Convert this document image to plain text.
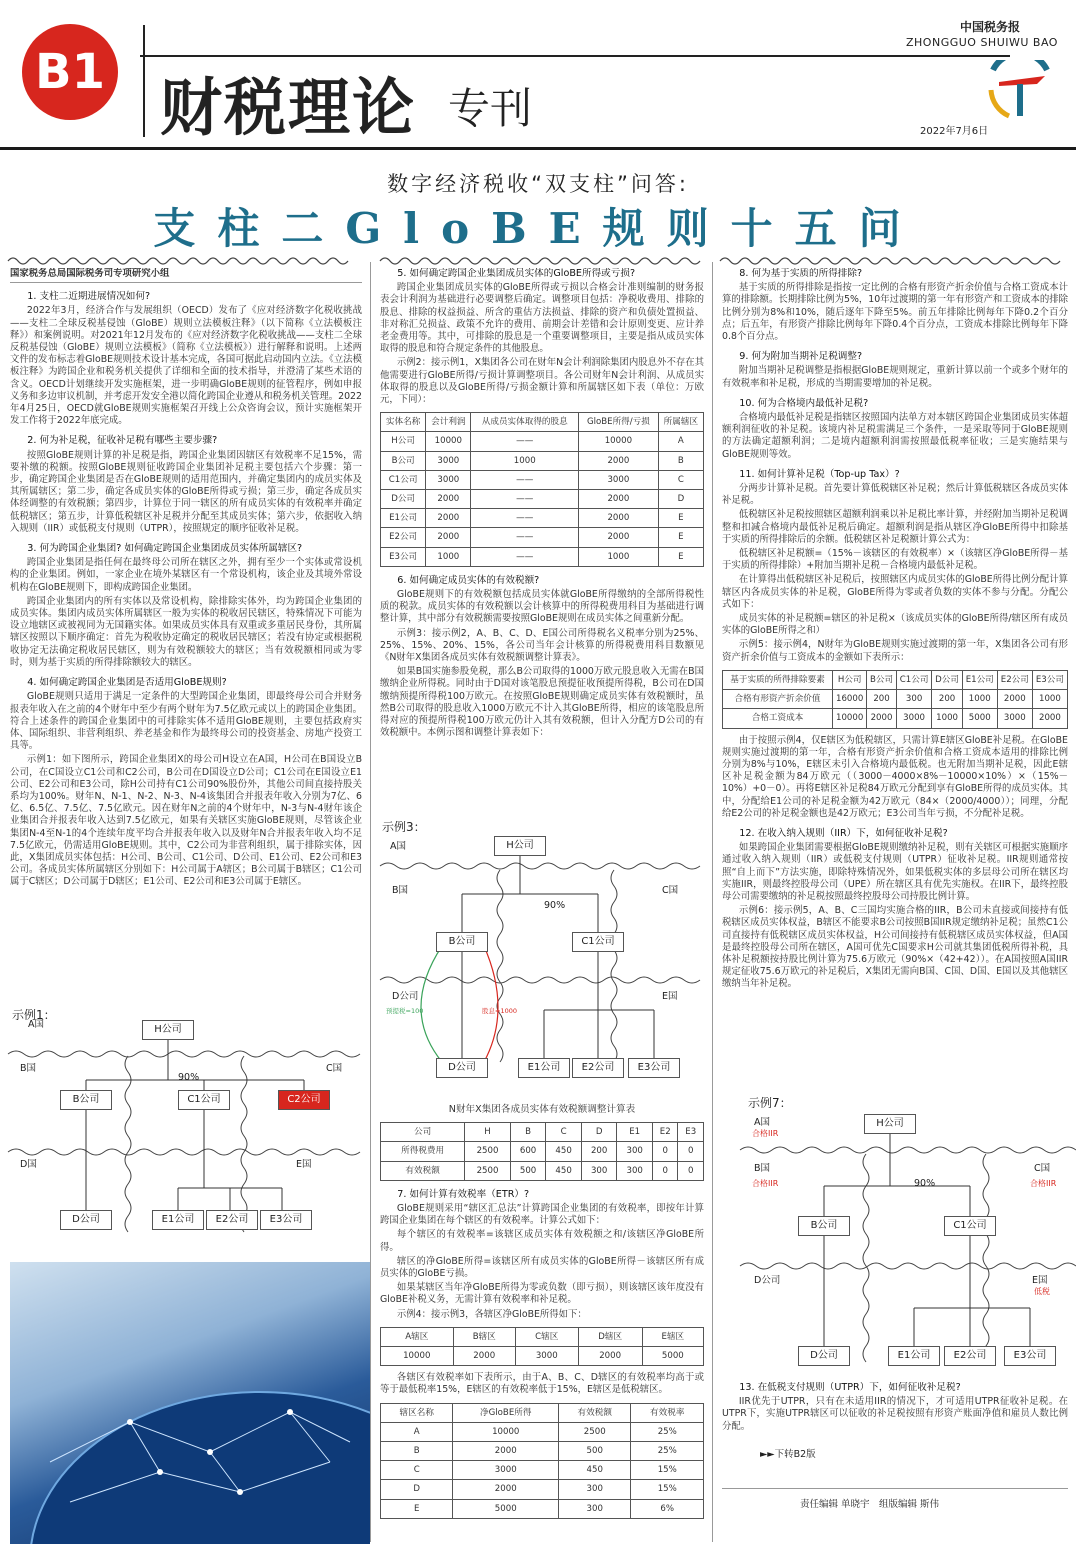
B1 财税理论 专刊
中国税务报
ZHONGGUO SHUIWU BAO
2022年7月6日
数字经济税收“双支柱”问答:
支柱二GloBE规则十五问
国家税务总局国际税务司专项研究小组
1. 支柱二近期进展情况如何?

2022年3月，经济合作与发展组织（OECD）发布了《应对经济数字化税收挑战——支柱二全球反税基侵蚀（GloBE）规则立法模板注释》（以下简称《立法模板注释》）和案例说明。对2021年12月发布的《应对经济数字化税收挑战——支柱二全球反税基侵蚀（GloBE）规则立法模板》（简称《立法模板》）进行解释和说明。上述两文件的发布标志着GloBE规则技术设计基本完成，各国可据此启动国内立法。《立法模板注释》为跨国企业和税务机关提供了详细和全面的技术指导，并澄清了某些术语的含义。OECD计划继续开发实施框架，进一步明确GloBE规则的征管程序，例如申报义务和多边审议机制，并考虑开发安全港以简化跨国企业遵从和税务机关管理。2022年4月25日，OECD就GloBE规则实施框架召开线上公众咨询会议，预计实施框架开发工作将于2022年底完成。

2. 何为补足税，征收补足税有哪些主要步骤?

按照GloBE规则计算的补足税是指，跨国企业集团因辖区有效税率不足15%，需要补缴的税额。按照GloBE规则征收跨国企业集团补足税主要包括六个步骤：第一步，确定跨国企业集团是否在GloBE规则的适用范围内，并确定集团内的成员实体及其所属辖区；第二步，确定各成员实体的GloBE所得或亏损；第三步，确定各成员实体经调整的有效税额；第四步，计算位于同一辖区的所有成员实体的有效税率并确定低税辖区；第五步，计算低税辖区补足税并分配至其成员实体；第六步，依据收入纳入规则（IIR）或低税支付规则（UTPR），按照规定的顺序征收补足税。

3. 何为跨国企业集团? 如何确定跨国企业集团成员实体所属辖区?

跨国企业集团是指任何在最终母公司所在辖区之外，拥有至少一个实体或常设机构的企业集团。例如，一家企业在境外某辖区有一个常设机构，该企业及其境外常设机构在GloBE规则下，即构成跨国企业集团。

跨国企业集团内的所有实体以及常设机构，除排除实体外，均为跨国企业集团的成员实体。集团内成员实体所属辖区一般为实体的税收居民辖区，特殊情况下可能为设立地辖区或被视同为无国籍实体。如果成员实体具有双重或多重居民身份，其所属辖区按照以下顺序确定：首先为税收协定确定的税收居民辖区；若没有协定或根据税收协定无法确定税收居民辖区，则为有效税额较大的辖区；当有效税额相同或为零时，则为基于实质的所得排除额较大的辖区。

4. 如何确定跨国企业集团是否适用GloBE规则?

GloBE规则只适用于满足一定条件的大型跨国企业集团，即最终母公司合并财务报表年收入在之前的4个财年中至少有两个财年为7.5亿欧元或以上的跨国企业集团。符合上述条件的跨国企业集团中的可排除实体不适用GloBE规则，主要包括政府实体、国际组织、非营利组织、养老基金和作为最终母公司的投资基金、房地产投资工具等。

示例1：如下图所示，跨国企业集团X的母公司H设立在A国，H公司在B国设立B公司，在C国设立C1公司和C2公司，B公司在D国设立D公司；C1公司在E国设立E1公司、E2公司和E3公司，除H公司持有C1公司90%股份外，其他公司间直接持股关系均为100%。财年N、N-1、N-2、N-3、N-4该集团合并报表年收入分别为7亿、6亿、6.5亿、7.5亿、7.5亿欧元。因在财年N之前的4个财年中，N-3与N-4财年该企业集团合并报表年收入达到7.5亿欧元，如果有关辖区实施GloBE规则，尽管该企业集团N-4至N-1的4个连续年度平均合并报表年收入以及财年N合并报表年收入均不足7.5亿欧元，仍需适用GloBE规则。其中，C2公司为非营利组织，属于排除实体，因此，X集团成员实体包括：H公司、B公司、C1公司、D公司、E1公司、E2公司和E3公司。各成员实体所属辖区分别如下：H公司属于A辖区；B公司属于B辖区；C1公司属于C辖区；D公司属于D辖区；E1公司、E2公司和E3公司属于E辖区。

示例1：
A国
B国	C国
D国	E国
90%
H公司
B公司	C1公司	C2公司
D公司	E1公司	E2公司	E3公司
5. 如何确定跨国企业集团成员实体的GloBE所得或亏损?

跨国企业集团成员实体的GloBE所得或亏损以合格会计准则编制的财务报表会计利润为基础进行必要调整后确定。调整项目包括：净税收费用、排除的股息、排除的权益损益、所含的重估方法损益、排除的资产和负债处置损益、非对称汇兑损益、政策不允许的费用、前期会计差错和会计原则变更、应计养老金费用等。其中，可排除的股息是一个重要调整项目，主要是指从成员实体取得的股息和符合规定条件的其他股息。

示例2：接示例1，X集团各公司在财年N会计利润除集团内股息外不存在其他需要进行GloBE所得/亏损计算调整项目。各公司财年N会计利润、从成员实体取得的股息以及GloBE所得/亏损金额计算和所属辖区如下表（单位：万欧元，下同）：

实体名称	会计利润	从成员实体取得的股息	GloBE所得/亏损	所属辖区
H公司	10000	——	10000	A
B公司	3000	1000	2000	B
C1公司	3000	——	3000	C
D公司	2000	——	2000	D
E1公司	2000	——	2000	E
E2公司	2000	——	2000	E
E3公司	1000	——	1000	E
6. 如何确定成员实体的有效税额?

GloBE规则下的有效税额包括成员实体就GloBE所得缴纳的全部所得税性质的税款。成员实体的有效税额以会计核算中的所得税费用科目为基础进行调整计算，其中部分有效税额需要按照GloBE规则在成员实体之间重新分配。

示例3：接示例2，A、B、C、D、E国公司所得税名义税率分别为25%、25%、15%、20%、15%，各公司当年会计核算的所得税费用科目数额见《N财年X集团各成员实体有效税额调整计算表》。

如果B国实施参股免税，那么B公司取得的1000万欧元股息收入无需在B国缴纳企业所得税。同时由于D国对该笔股息预提征收预提所得税，B公司在D国缴纳预提所得税100万欧元。在按照GloBE规则确定成员实体有效税额时，虽然B公司取得的股息收入1000万欧元不计入其GloBE所得，相应的该笔股息所得对应的预提所得税100万欧元仍计入其有效税额，但计入分配方D公司的有效税额中。本例示图和调整计算表如下：

示例3：
A国
B国	C国
D公司	E国
90%
预提税=100	股息=1000
H公司
B公司	C1公司
D公司	E1公司	E2公司	E3公司
N财年X集团各成员实体有效税额调整计算表
公司	H	B	C	D	E1	E2	E3
所得税费用	2500	600	450	200	300	0	0
有效税额	2500	500	450	300	300	0	0
7. 如何计算有效税率（ETR）?

GloBE规则采用“辖区汇总法”计算跨国企业集团的有效税率，即按年计算跨国企业集团在每个辖区的有效税率。计算公式如下：

每个辖区的有效税率=该辖区成员实体有效税额之和/该辖区净GloBE所得。

辖区的净GloBE所得=该辖区所有成员实体的GloBE所得－该辖区所有成员实体的GloBE亏损。

如果某辖区当年净GloBE所得为零或负数（即亏损），则该辖区该年度没有GloBE补税义务，无需计算有效税率和补足税。

示例4：接示例3，各辖区净GloBE所得如下：

A辖区	B辖区	C辖区	D辖区	E辖区
10000	2000	3000	2000	5000

各辖区有效税率如下表所示，由于A、B、C、D辖区的有效税率均高于或等于最低税率15%，E辖区的有效税率低于15%，E辖区是低税辖区。

辖区名称	净GloBE所得	有效税额	有效税率
A	10000	2500	25%
B	2000	500	25%
C	3000	450	15%
D	2000	300	15%
E	5000	300	6%
8. 何为基于实质的所得排除?

基于实质的所得排除是指按一定比例的合格有形资产折余价值与合格工资成本计算的排除额。长期排除比例为5%，10年过渡期的第一年有形资产和工资成本的排除比例分别为8%和10%，随后逐年下降至5%。前五年排除比例每年下降0.2个百分点；后五年，有形资产排除比例每年下降0.4个百分点，工资成本排除比例每年下降0.8个百分点。

9. 何为附加当期补足税调整?

附加当期补足税调整是指根据GloBE规则规定，重新计算以前一个或多个财年的有效税率和补足税，形成的当期需要增加的补足税。

10. 何为合格境内最低补足税?

合格境内最低补足税是指辖区按照国内法单方对本辖区跨国企业集团成员实体超额利润征收的补足税。该境内补足税需满足三个条件，一是采取等同于GloBE规则的方法确定超额利润；二是境内超额利润需按照最低税率征收；三是实施结果与GloBE规则等效。

11. 如何计算补足税（Top-up Tax）?

分两步计算补足税。首先要计算低税辖区补足税；然后计算低税辖区各成员实体补足税。

低税辖区补足税按照辖区超额利润乘以补足税比率计算，并经附加当期补足税调整和扣减合格境内最低补足税后确定。超额利润是指从辖区净GloBE所得中扣除基于实质的所得排除后的余额。低税辖区补足税额计算公式为：

低税辖区补足税额=（15%－该辖区的有效税率）×（该辖区净GloBE所得－基于实质的所得排除）+附加当期补足税－合格境内最低补足税。

在计算得出低税辖区补足税后，按照辖区内成员实体的GloBE所得比例分配计算辖区内各成员实体的补足税，GloBE所得为零或者负数的实体不参与分配。分配公式如下：

成员实体的补足税额=辖区的补足税×（该成员实体的GloBE所得/辖区所有成员实体的GloBE所得之和）

示例5：接示例4，N财年为GloBE规则实施过渡期的第一年，X集团各公司有形资产折余价值与工资成本的金额如下表所示：

基于实质的所得排除要素	H公司	B公司	C1公司	D公司	E1公司	E2公司	E3公司
合格有形资产折余价值	16000	200	300	200	1000	2000	1000
合格工资成本	10000	2000	3000	1000	5000	3000	2000

由于按照示例4，仅E辖区为低税辖区，只需计算E辖区GloBE补足税。在GloBE规则实施过渡期的第一年，合格有形资产折余价值和合格工资成本适用的排除比例分别为8%与10%，E辖区未引入合格境内最低税。也无附加当期补足税，因此E辖区补足税金额为84万欧元（（3000－4000×8%－10000×10%）×（15%－10%）+0－0）。再将E辖区补足税84万欧元分配到享有GloBE所得的成员实体。其中，分配给E1公司的补足税金额为42万欧元（84×（2000/4000））；同理，分配给E2公司的补足税金额也是42万欧元；E3公司当年亏损，不分配补足税。

12. 在收入纳入规则（IIR）下，如何征收补足税?

如果跨国企业集团需要根据GloBE规则缴纳补足税，则有关辖区可根据实施顺序通过收入纳入规则（IIR）或低税支付规则（UTPR）征收补足税。IIR规则通常按照“自上而下”方法实施，即除特殊情况外，如果低税实体的多层母公司所在辖区均实施IIR，则最终控股母公司（UPE）所在辖区具有优先实施权。在IIR下，最终控股母公司需要缴纳的补足税按照最终控股母公司持股比例计算。

示例6：接示例5，A、B、C三国均实施合格的IIR，B公司未直接或间接持有低税辖区成员实体权益，B辖区不能要求B公司按照B国IIR规定缴纳补足税；虽然C1公司直接持有低税辖区成员实体权益，H公司间接持有低税辖区成员实体权益，但A国是最终控股母公司所在辖区，A国可优先C国要求H公司就其集团低税所得补税，具体补足税额按持股比例计算为75.6万欧元（90%×（42+42））。在A国按照A国IIR规定征收75.6万欧元的补足税后，X集团无需向B国、C国、D国、E国以及其他辖区缴纳当年补足税。

示例7：
A国
合格IIR
B国
合格IIR
C国
合格IIR
D公司	E国
低税
90%
H公司
B公司	C1公司
D公司	E1公司	E2公司	E3公司
13. 在低税支付规则（UTPR）下，如何征收补足税?

IIR优先于UTPR，只有在未适用IIR的情况下，才可适用UTPR征收补足税。在UTPR下，实施UTPR辖区可以征收的补足税按照有形资产账面净值和雇员人数比例分配。

►►下转B2版
责任编辑 单晓宇　组版编辑 斯伟
